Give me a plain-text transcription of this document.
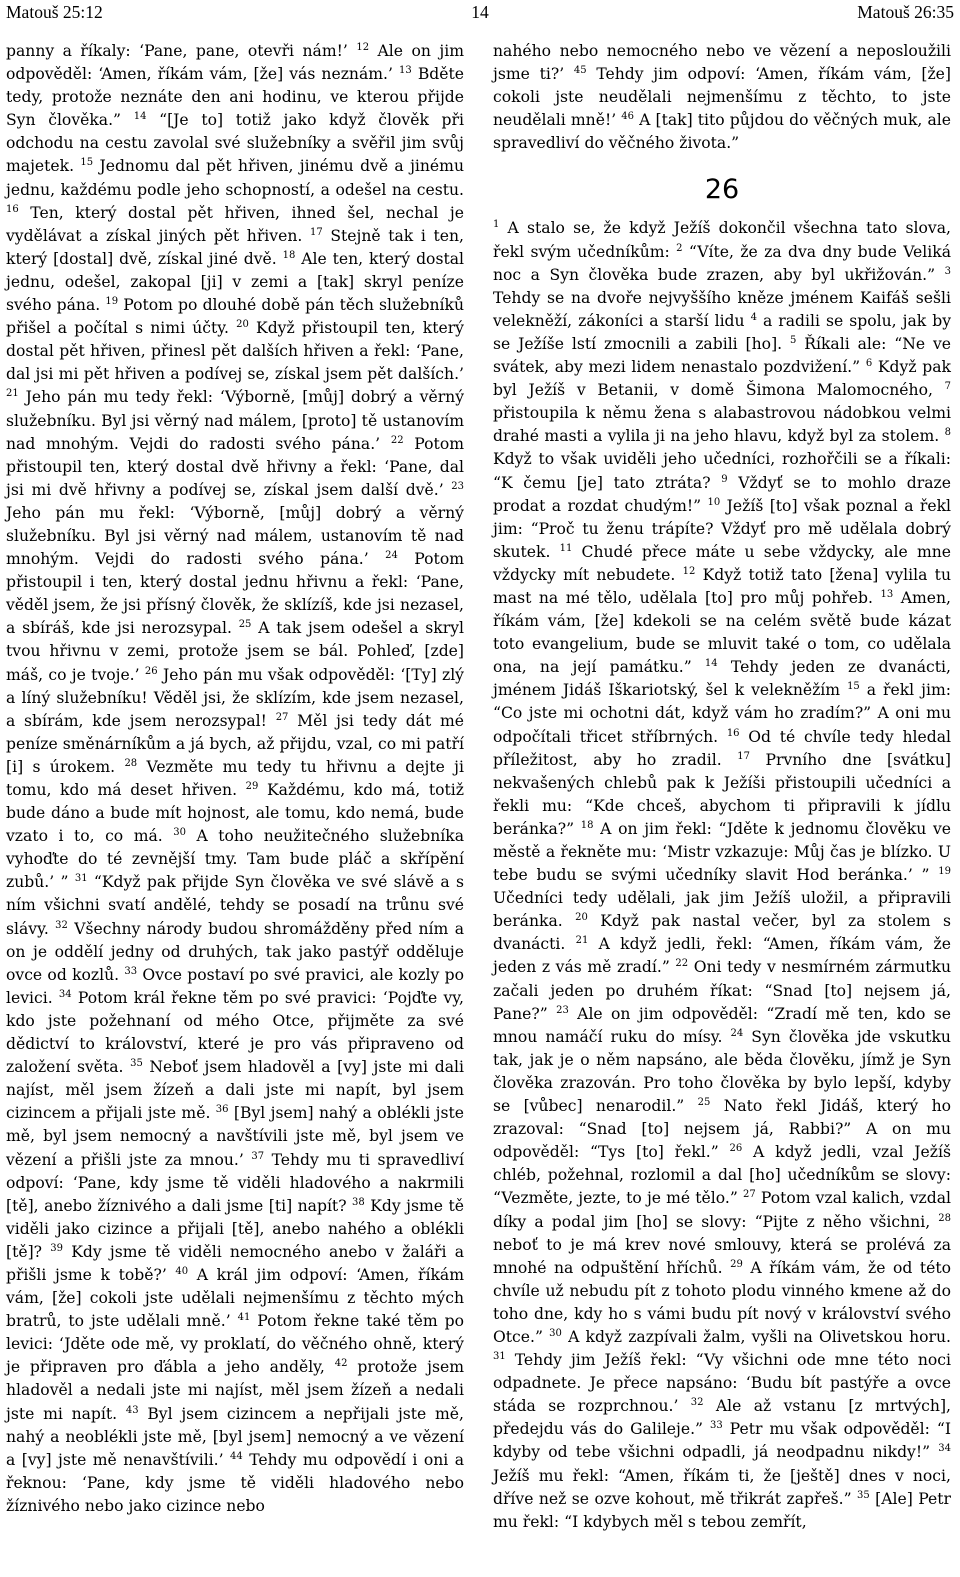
Matouš 25:12	14	Matouš 26:35

panny a říkaly: ‘Pane, pane, otevři nám!’ $^{12}$ Ale on jim odpověděl: ‘Amen, říkám vám, [že] vás neznám.’ $^{13}$ Bděte tedy, protože neznáte den ani hodinu, ve kterou přijde Syn člověka.” $^{14}$ “[Je to] totiž jako když člověk při odchodu na cestu zavolal své služebníky a svěřil jim svůj majetek. $^{15}$ Jednomu dal pět hřiven, jinému dvě a jinému jednu, každému podle jeho schopností, a odešel na cestu. $^{16}$ Ten, který dostal pět hřiven, ihned šel, nechal je vydělávat a získal jiných pět hřiven. $^{17}$ Stejně tak i ten, který [dostal] dvě, získal jiné dvě. $^{18}$ Ale ten, který dostal jednu, odešel, zakopal [ji] v zemi a [tak] skryl peníze svého pána. $^{19}$ Potom po dlouhé době pán těch služebníků přišel a počítal s nimi účty. $^{20}$ Když přistoupil ten, který dostal pět hřiven, přinesl pět dalších hřiven a řekl: ‘Pane, dal jsi mi pět hřiven a podívej se, získal jsem pět dalších.’ $^{21}$ Jeho pán mu tedy řekl: ‘Výborně, [můj] dobrý a věrný služebníku. Byl jsi věrný nad málem, [proto] tě ustanovím nad mnohým. Vejdi do radosti svého pána.’ $^{22}$ Potom přistoupil ten, který dostal dvě hřivny a řekl: ‘Pane, dal jsi mi dvě hřivny a podívej se, získal jsem další dvě.’ $^{23}$ Jeho pán mu řekl: ‘Výborně, [můj] dobrý a věrný služebníku. Byl jsi věrný nad málem, ustanovím tě nad mnohým. Vejdi do radosti svého pána.’ $^{24}$ Potom přistoupil i ten, který dostal jednu hřivnu a řekl: ‘Pane, věděl jsem, že jsi přísný člověk, že sklízíš, kde jsi nezasel, a sbíráš, kde jsi nerozsypal. $^{25}$ A tak jsem odešel a skryl tvou hřivnu v zemi, protože jsem se bál. Pohleď, [zde] máš, co je tvoje.’ $^{26}$ Jeho pán mu však odpověděl: ‘[Ty] zlý a líný služebníku! Věděl jsi, že sklízím, kde jsem nezasel, a sbírám, kde jsem nerozsypal! $^{27}$ Měl jsi tedy dát mé peníze směnárníkům a já bych, až přijdu, vzal, co mi patří [i] s úrokem. $^{28}$ Vezměte mu tedy tu hřivnu a dejte ji tomu, kdo má deset hřiven. $^{29}$ Každému, kdo má, totiž bude dáno a bude mít hojnost, ale tomu, kdo nemá, bude vzato i to, co má. $^{30}$ A toho neužitečného služebníka vyhoďte do té zevnější tmy. Tam bude pláč a skřípění zubů.’ ” $^{31}$ “Když pak přijde Syn člověka ve své slávě a s ním všichni svatí andělé, tehdy se posadí na trůnu své slávy. $^{32}$ Všechny národy budou shromážděny před ním a on je oddělí jedny od druhých, tak jako pastýř odděluje ovce od kozlů. $^{33}$ Ovce postaví po své pravici, ale kozly po levici. $^{34}$ Potom král řekne těm po své pravici: ‘Pojďte vy, kdo jste požehnaní od mého Otce, přijměte za své dědictví to království, které je pro vás připraveno od založení světa. $^{35}$ Neboť jsem hladověl a [vy] jste mi dali najíst, měl jsem žízeň a dali jste mi napít, byl jsem cizincem a přijali jste mě. $^{36}$ [Byl jsem] nahý a oblékli jste mě, byl jsem nemocný a navštívili jste mě, byl jsem ve vězení a přišli jste za mnou.’ $^{37}$ Tehdy mu ti spravedliví odpoví: ‘Pane, kdy jsme tě viděli hladového a nakrmili [tě], anebo žíznivého a dali jsme [ti] napít? $^{38}$ Kdy jsme tě viděli jako cizince a přijali [tě], anebo nahého a oblékli [tě]? $^{39}$ Kdy jsme tě viděli nemocného anebo v žaláři a přišli jsme k tobě?’ $^{40}$ A král jim odpoví: ‘Amen, říkám vám, [že] cokoli jste udělali nejmenšímu z těchto mých bratrů, to jste udělali mně.’ $^{41}$ Potom řekne také těm po levici: ‘Jděte ode mě, vy proklatí, do věčného ohně, který je připraven pro ďábla a jeho anděly, $^{42}$ protože jsem hladověl a nedali jste mi najíst, měl jsem žízeň a nedali jste mi napít. $^{43}$ Byl jsem cizincem a nepřijali jste mě, nahý a neoblékli jste mě, [byl jsem] nemocný a ve vězení a [vy] jste mě nenavštívili.’ $^{44}$ Tehdy mu odpovědí i oni a řeknou: ‘Pane, kdy jsme tě viděli hladového nebo žíznivého nebo jako cizince nebo

nahého nebo nemocného nebo ve vězení a neposloužili jsme ti?’ $^{45}$ Tehdy jim odpoví: ‘Amen, říkám vám, [že] cokoli jste neudělali nejmenšímu z těchto, to jste neudělali mně!’ $^{46}$ A [tak] tito půjdou do věčných muk, ale spravedliví do věčného života.”

26

$^1$ A stalo se, že když Ježíš dokončil všechna tato slova, řekl svým učedníkům: $^2$ “Víte, že za dva dny bude Veliká noc a Syn člověka bude zrazen, aby byl ukřižován.” $^3$ Tehdy se na dvoře nejvyššího kněze jménem Kaifáš sešli velekněží, zákoníci a starší lidu $^4$ a radili se spolu, jak by se Ježíše lstí zmocnili a zabili [ho]. $^5$ Říkali ale: “Ne ve svátek, aby mezi lidem nenastalo pozdvižení.” $^6$ Když pak byl Ježíš v Betanii, v domě Šimona Malomocného, $^7$ přistoupila k němu žena s alabastrovou nádobkou velmi drahé masti a vylila ji na jeho hlavu, když byl za stolem. $^8$ Když to však uviděli jeho učedníci, rozhořčili se a říkali: “K čemu [je] tato ztráta? $^9$ Vždyť se to mohlo draze prodat a rozdat chudým!” $^{10}$ Ježíš [to] však poznal a řekl jim: “Proč tu ženu trápíte? Vždyť pro mě udělala dobrý skutek. $^{11}$ Chudé přece máte u sebe vždycky, ale mne vždycky mít nebudete. $^{12}$ Když totiž tato [žena] vylila tu mast na mé tělo, udělala [to] pro můj pohřeb. $^{13}$ Amen, říkám vám, [že] kdekoli se na celém světě bude kázat toto evangelium, bude se mluvit také o tom, co udělala ona, na její památku.” $^{14}$ Tehdy jeden ze dvanácti, jménem Jidáš Iškariotský, šel k velekněžím $^{15}$ a řekl jim: “Co jste mi ochotni dát, když vám ho zradím?” A oni mu odpočítali třicet stříbrných. $^{16}$ Od té chvíle tedy hledal příležitost, aby ho zradil. $^{17}$ Prvního dne [svátku] nekvašených chlebů pak k Ježíši přistoupili učedníci a řekli mu: “Kde chceš, abychom ti připravili k jídlu beránka?” $^{18}$ A on jim řekl: “Jděte k jednomu člověku ve městě a řekněte mu: ‘Mistr vzkazuje: Můj čas je blízko. U tebe budu se svými učedníky slavit Hod beránka.’ ” $^{19}$ Učedníci tedy udělali, jak jim Ježíš uložil, a připravili beránka. $^{20}$ Když pak nastal večer, byl za stolem s dvanácti. $^{21}$ A když jedli, řekl: “Amen, říkám vám, že jeden z vás mě zradí.” $^{22}$ Oni tedy v nesmírném zármutku začali jeden po druhém říkat: “Snad [to] nejsem já, Pane?” $^{23}$ Ale on jim odpověděl: “Zradí mě ten, kdo se mnou namáčí ruku do mísy. $^{24}$ Syn člověka jde vskutku tak, jak je o něm napsáno, ale běda člověku, jímž je Syn člověka zrazován. Pro toho člověka by bylo lepší, kdyby se [vůbec] nenarodil.” $^{25}$ Nato řekl Jidáš, který ho zrazoval: “Snad [to] nejsem já, Rabbi?” A on mu odpověděl: “Tys [to] řekl.” $^{26}$ A když jedli, vzal Ježíš chléb, požehnal, rozlomil a dal [ho] učedníkům se slovy: “Vezměte, jezte, to je mé tělo.” $^{27}$ Potom vzal kalich, vzdal díky a podal jim [ho] se slovy: “Pijte z něho všichni, $^{28}$ neboť to je má krev nové smlouvy, která se prolévá za mnohé na odpuštění hříchů. $^{29}$ A říkám vám, že od této chvíle už nebudu pít z tohoto plodu vinného kmene až do toho dne, kdy ho s vámi budu pít nový v království svého Otce.” $^{30}$ A když zazpívali žalm, vyšli na Olivetskou horu. $^{31}$ Tehdy jim Ježíš řekl: “Vy všichni ode mne této noci odpadnete. Je přece napsáno: ‘Budu bít pastýře a ovce stáda se rozprchnou.’ $^{32}$ Ale až vstanu [z mrtvých], předejdu vás do Galileje.” $^{33}$ Petr mu však odpověděl: “I kdyby od tebe všichni odpadli, já neodpadnu nikdy!” $^{34}$ Ježíš mu řekl: “Amen, říkám ti, že [ještě] dnes v noci, dříve než se ozve kohout, mě třikrát zapřeš.” $^{35}$ [Ale] Petr mu řekl: “I kdybych měl s tebou zemřít,
